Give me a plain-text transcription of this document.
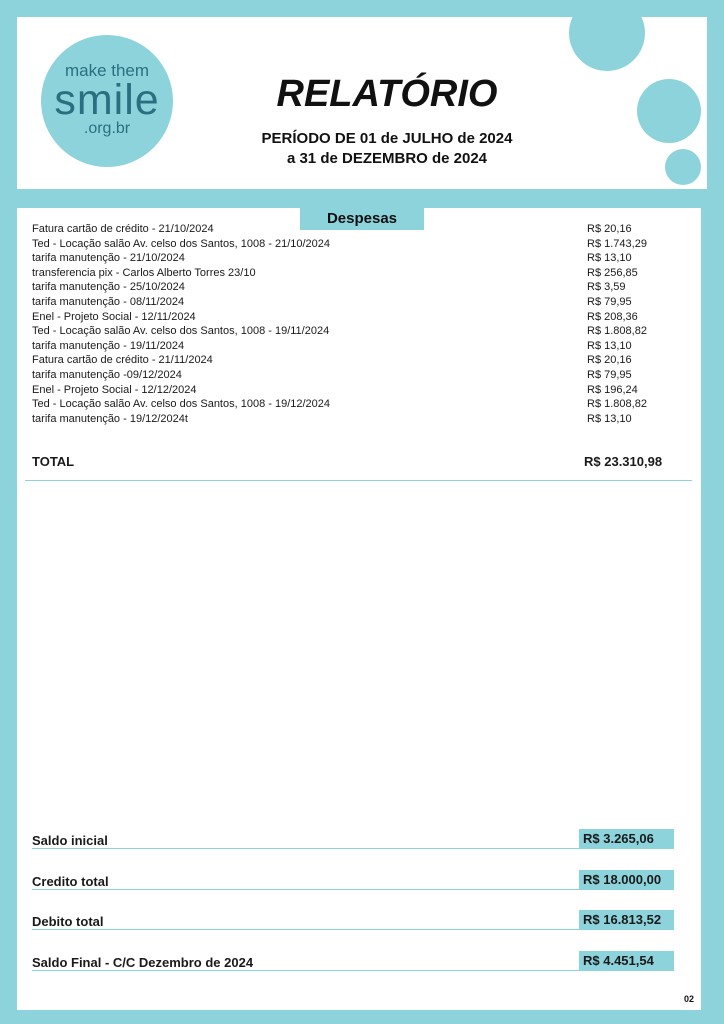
make them
smile
.org.br
RELATÓRIO
PERÍODO DE 01 de JULHO de 2024
a 31 de DEZEMBRO de 2024
Despesas
Fatura cartão de crédito - 21/10/2024	R$ 20,16
Ted - Locação salão Av. celso dos Santos, 1008 - 21/10/2024	R$ 1.743,29
tarifa manutenção - 21/10/2024	R$ 13,10
transferencia pix - Carlos Alberto Torres 23/10	R$ 256,85
tarifa manutenção - 25/10/2024	R$ 3,59
tarifa manutenção - 08/11/2024	R$ 79,95
Enel - Projeto Social - 12/11/2024	R$ 208,36
Ted - Locação salão Av. celso dos Santos, 1008 - 19/11/2024	R$ 1.808,82
tarifa manutenção - 19/11/2024	R$ 13,10
Fatura cartão de crédito - 21/11/2024	R$ 20,16
tarifa manutenção -09/12/2024	R$ 79,95
Enel - Projeto Social - 12/12/2024	R$ 196,24
Ted - Locação salão Av. celso dos Santos, 1008 - 19/12/2024	R$ 1.808,82
tarifa manutenção - 19/12/2024t	R$ 13,10
TOTAL	R$ 23.310,98
Saldo inicial	R$ 3.265,06
Credito total	R$ 18.000,00
Debito total	R$ 16.813,52
Saldo Final - C/C Dezembro de 2024	R$ 4.451,54
02
